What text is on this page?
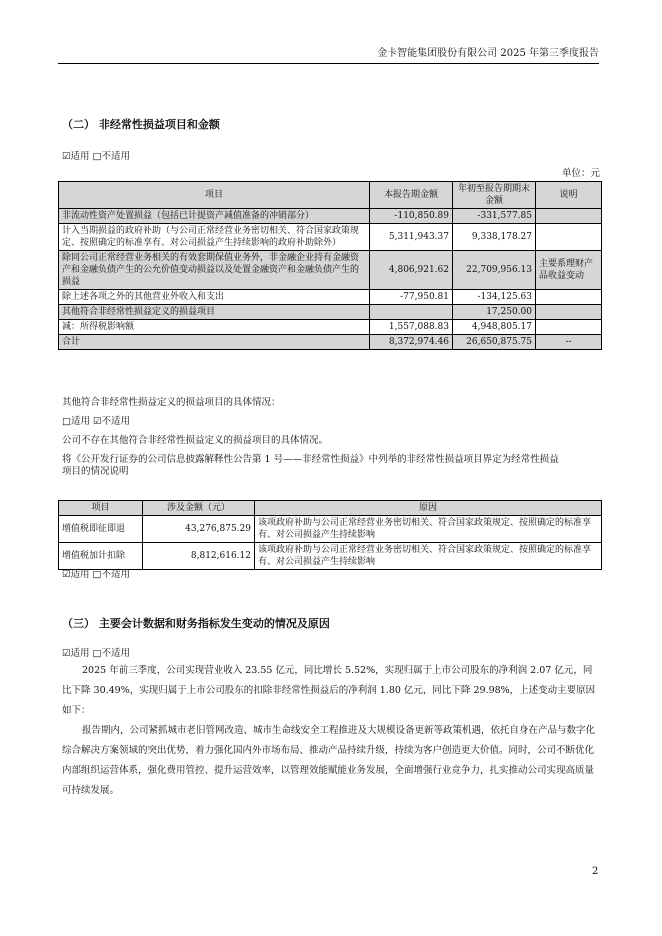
金卡智能集团股份有限公司 2025 年第三季度报告
（二） 非经常性损益项目和金额
☑适用 □不适用
单位：元
项目	本报告期金额	年初至报告期期末金额	说明
非流动性资产处置损益（包括已计提资产减值准备的冲销部分）	-110,850.89	-331,577.85	
计入当期损益的政府补助（与公司正常经营业务密切相关、符合国家政策规定、按照确定的标准享有、对公司损益产生持续影响的政府补助除外）	5,311,943.37	9,338,178.27	
除同公司正常经营业务相关的有效套期保值业务外，非金融企业持有金融资产和金融负债产生的公允价值变动损益以及处置金融资产和金融负债产生的损益	4,806,921.62	22,709,956.13	主要系理财产品收益变动
除上述各项之外的其他营业外收入和支出	-77,950.81	-134,125.63	
其他符合非经常性损益定义的损益项目		17,250.00	
减：所得税影响额	1,557,088.83	4,948,805.17	
合计	8,372,974.46	26,650,875.75	--
其他符合非经常性损益定义的损益项目的具体情况：
□适用 ☑不适用
公司不存在其他符合非经常性损益定义的损益项目的具体情况。
将《公开发行证券的公司信息披露解释性公告第 1 号——非经常性损益》中列举的非经常性损益项目界定为经常性损益
项目的情况说明
项目	涉及金额（元）	原因
增值税即征即退	43,276,875.29	该项政府补助与公司正常经营业务密切相关、符合国家政策规定、按照确定的标准享有、对公司损益产生持续影响
增值税加计扣除	8,812,616.12	该项政府补助与公司正常经营业务密切相关、符合国家政策规定、按照确定的标准享有、对公司损益产生持续影响
☑适用 □不适用
（三） 主要会计数据和财务指标发生变动的情况及原因
☑适用 □不适用
2025 年前三季度，公司实现营业收入 23.55 亿元，同比增长 5.52%，实现归属于上市公司股东的净利润 2.07 亿元，同比下降 30.49%，实现归属于上市公司股东的扣除非经常性损益后的净利润 1.80 亿元，同比下降 29.98%，上述变动主要原因如下：
报告期内，公司紧抓城市老旧管网改造、城市生命线安全工程推进及大规模设备更新等政策机遇，依托自身在产品与数字化综合解决方案领域的突出优势，着力强化国内外市场布局、推动产品持续升级，持续为客户创造更大价值。同时，公司不断优化内部组织运营体系，强化费用管控、提升运营效率，以管理效能赋能业务发展，全面增强行业竞争力，扎实推动公司实现高质量可持续发展。
2
